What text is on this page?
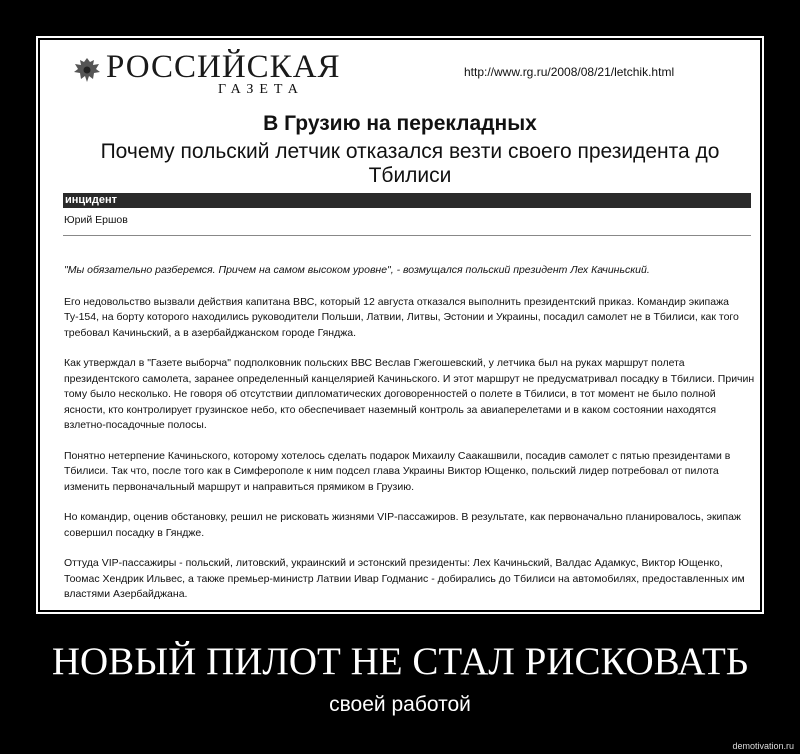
РОССИЙСКАЯ
ГАЗЕТА
http://www.rg.ru/2008/08/21/letchik.html
В Грузию на перекладных
Почему польский летчик отказался везти своего президента до Тбилиси
инцидент
Юрий Ершов

"Мы обязательно разберемся. Причем на самом высоком уровне", - возмущался польский президент Лех Качиньский.

Его недовольство вызвали действия капитана ВВС, который 12 августа отказался выполнить президентский приказ. Командир экипажа Ту-154, на борту которого находились руководители Польши, Латвии, Литвы, Эстонии и Украины, посадил самолет не в Тбилиси, как того требовал Качиньский, а в азербайджанском городе Гянджа.

Как утверждал в "Газете выборча" подполковник польских ВВС Веслав Гжегошевский, у летчика был на руках маршрут полета президентского самолета, заранее определенный канцелярией Качиньского. И этот маршрут не предусматривал посадку в Тбилиси. Причин тому было несколько. Не говоря об отсутствии дипломатических договоренностей о полете в Тбилиси, в тот момент не было полной ясности, кто контролирует грузинское небо, кто обеспечивает наземный контроль за авиаперелетами и в каком состоянии находятся взлетно-посадочные полосы.

Понятно нетерпение Качиньского, которому хотелось сделать подарок Михаилу Саакашвили, посадив самолет с пятью президентами в Тбилиси. Так что, после того как в Симферополе к ним подсел глава Украины Виктор Ющенко, польский лидер потребовал от пилота изменить первоначальный маршрут и направиться прямиком в Грузию.

Но командир, оценив обстановку, решил не рисковать жизнями VIP-пассажиров. В результате, как первоначально планировалось, экипаж совершил посадку в Гяндже.

Оттуда VIP-пассажиры - польский, литовский, украинский и эстонский президенты: Лех Качиньский, Валдас Адамкус, Виктор Ющенко, Тоомас Хендрик Ильвес, а также премьер-министр Латвии Ивар Годманис - добирались до Тбилиси на автомобилях, предоставленных им властями Азербайджана.

НОВЫЙ ПИЛОТ НЕ СТАЛ РИСКОВАТЬ
своей работой
demotivation.ru
